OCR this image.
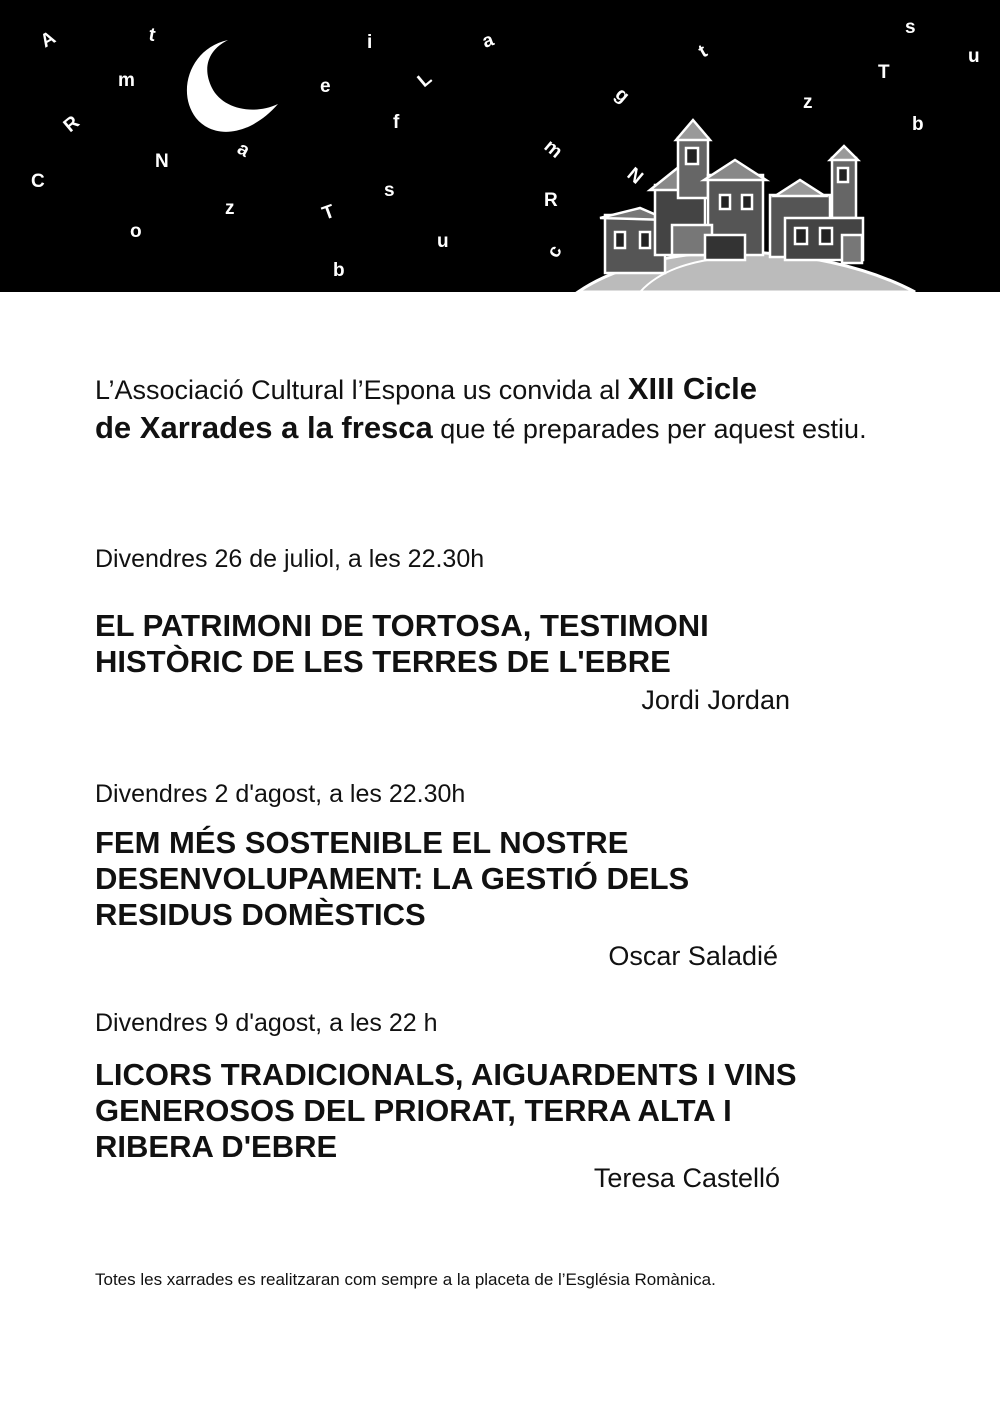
A	t	i	a
s
u
m	e	L
t
T
R
a
f
g	z
b
N	m
C
z
s
N
R
o
T
u	c
b
L’Associació Cultural l’Espona us convida al XIII Cicle
de Xarrades a la fresca que té preparades per aquest estiu.
Divendres 26 de juliol, a les 22.30h
EL PATRIMONI DE TORTOSA, TESTIMONI
HISTÒRIC DE LES TERRES DE L'EBRE
Jordi Jordan
Divendres 2 d'agost, a les 22.30h
FEM MÉS SOSTENIBLE EL NOSTRE
DESENVOLUPAMENT: LA GESTIÓ DELS
RESIDUS DOMÈSTICS
Oscar Saladié
Divendres 9 d'agost, a les 22 h
LICORS TRADICIONALS, AIGUARDENTS I VINS
GENEROSOS DEL PRIORAT, TERRA ALTA I
RIBERA D'EBRE
Teresa Castelló
Totes les xarrades es realitzaran com sempre a la placeta de l’Església Romànica.
